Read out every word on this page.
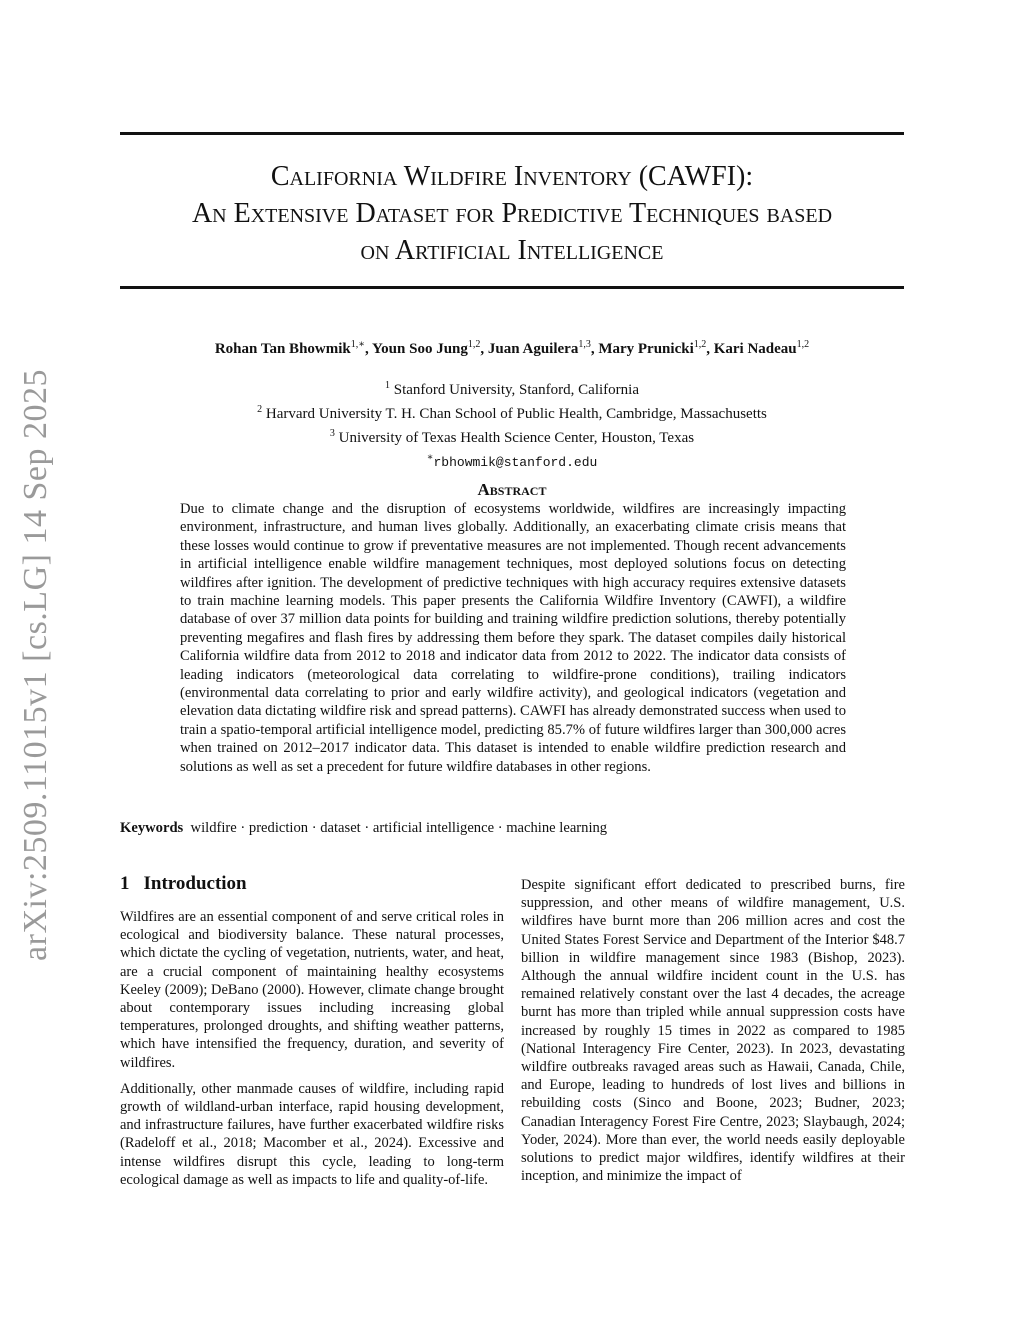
arXiv:2509.11015v1 [cs.LG] 14 Sep 2025
California Wildfire Inventory (CAWFI):
An Extensive Dataset for Predictive Techniques based
on Artificial Intelligence
Rohan Tan Bhowmik$^{1,∗}$, Youn Soo Jung$^{1,2}$, Juan Aguilera$^{1,3}$, Mary Prunicki$^{1,2}$, Kari Nadeau$^{1,2}$
$^1$ Stanford University, Stanford, California
$^2$ Harvard University T. H. Chan School of Public Health, Cambridge, Massachusetts
$^3$ University of Texas Health Science Center, Houston, Texas
∗rbhowmik@stanford.edu
Abstract
Due to climate change and the disruption of ecosystems worldwide, wildfires are increasingly impacting environment, infrastructure, and human lives globally. Additionally, an exacerbating climate crisis means that these losses would continue to grow if preventative measures are not implemented. Though recent advancements in artificial intelligence enable wildfire management techniques, most deployed solutions focus on detecting wildfires after ignition. The development of predictive techniques with high accuracy requires extensive datasets to train machine learning models. This paper presents the California Wildfire Inventory (CAWFI), a wildfire database of over 37 million data points for building and training wildfire prediction solutions, thereby potentially preventing megafires and flash fires by addressing them before they spark. The dataset compiles daily historical California wildfire data from 2012 to 2018 and indicator data from 2012 to 2022. The indicator data consists of leading indicators (meteorological data correlating to wildfire-prone conditions), trailing indicators (environmental data correlating to prior and early wildfire activity), and geological indicators (vegetation and elevation data dictating wildfire risk and spread patterns). CAWFI has already demonstrated success when used to train a spatio-temporal artificial intelligence model, predicting 85.7% of future wildfires larger than 300,000 acres when trained on 2012–2017 indicator data. This dataset is intended to enable wildfire prediction research and solutions as well as set a precedent for future wildfire databases in other regions.
Keywords wildfire · prediction · dataset · artificial intelligence · machine learning
1 Introduction

Wildfires are an essential component of and serve critical roles in ecological and biodiversity balance. These natural processes, which dictate the cycling of vegetation, nutrients, water, and heat, are a crucial component of maintaining healthy ecosystems Keeley (2009); DeBano (2000). However, climate change brought about contemporary issues including increasing global temperatures, prolonged droughts, and shifting weather patterns, which have intensified the frequency, duration, and severity of wildfires.

Additionally, other manmade causes of wildfire, including rapid growth of wildland-urban interface, rapid housing development, and infrastructure failures, have further exacerbated wildfire risks (Radeloff et al., 2018; Macomber et al., 2024). Excessive and intense wildfires disrupt this cycle, leading to long-term ecological damage as well as impacts to life and quality-of-life.

Despite significant effort dedicated to prescribed burns, fire suppression, and other means of wildfire management, U.S. wildfires have burnt more than 206 million acres and cost the United States Forest Service and Department of the Interior $48.7 billion in wildfire management since 1983 (Bishop, 2023). Although the annual wildfire incident count in the U.S. has remained relatively constant over the last 4 decades, the acreage burnt has more than tripled while annual suppression costs have increased by roughly 15 times in 2022 as compared to 1985 (National Interagency Fire Center, 2023). In 2023, devastating wildfire outbreaks ravaged areas such as Hawaii, Canada, Chile, and Europe, leading to hundreds of lost lives and billions in rebuilding costs (Sinco and Boone, 2023; Budner, 2023; Canadian Interagency Forest Fire Centre, 2023; Slaybaugh, 2024; Yoder, 2024). More than ever, the world needs easily deployable solutions to predict major wildfires, identify wildfires at their inception, and minimize the impact of
